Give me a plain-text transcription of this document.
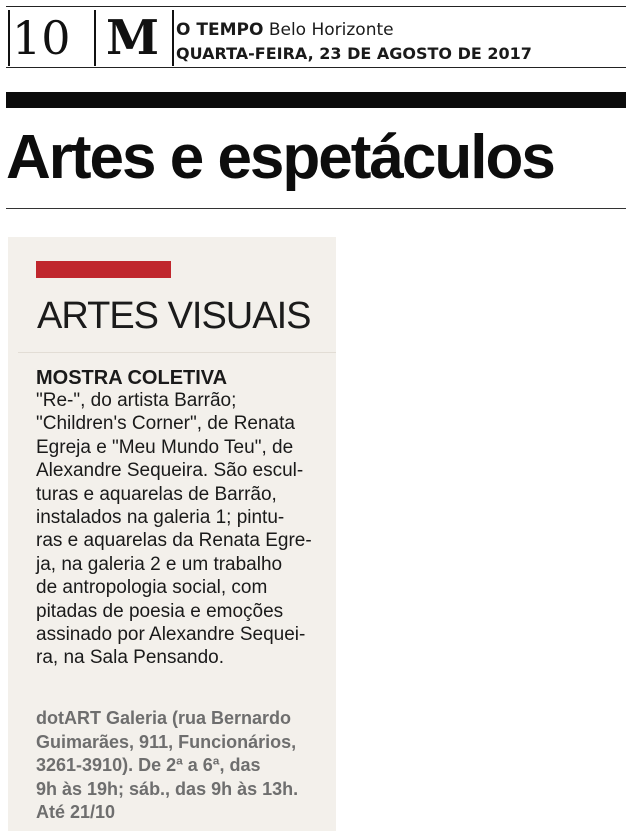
10 M O TEMPO Belo Horizonte
QUARTA-FEIRA, 23 DE AGOSTO DE 2017
Artes e espetáculos
ARTES VISUAIS
MOSTRA COLETIVA
"Re-", do artista Barrão;
"Children's Corner", de Renata
Egreja e "Meu Mundo Teu", de
Alexandre Sequeira. São escul-
turas e aquarelas de Barrão,
instalados na galeria 1; pintu-
ras e aquarelas da Renata Egre-
ja, na galeria 2 e um trabalho
de antropologia social, com
pitadas de poesia e emoções
assinado por Alexandre Sequei-
ra, na Sala Pensando.
dotART Galeria (rua Bernardo
Guimarães, 911, Funcionários,
3261-3910). De 2ª a 6ª, das
9h às 19h; sáb., das 9h às 13h.
Até 21/10
